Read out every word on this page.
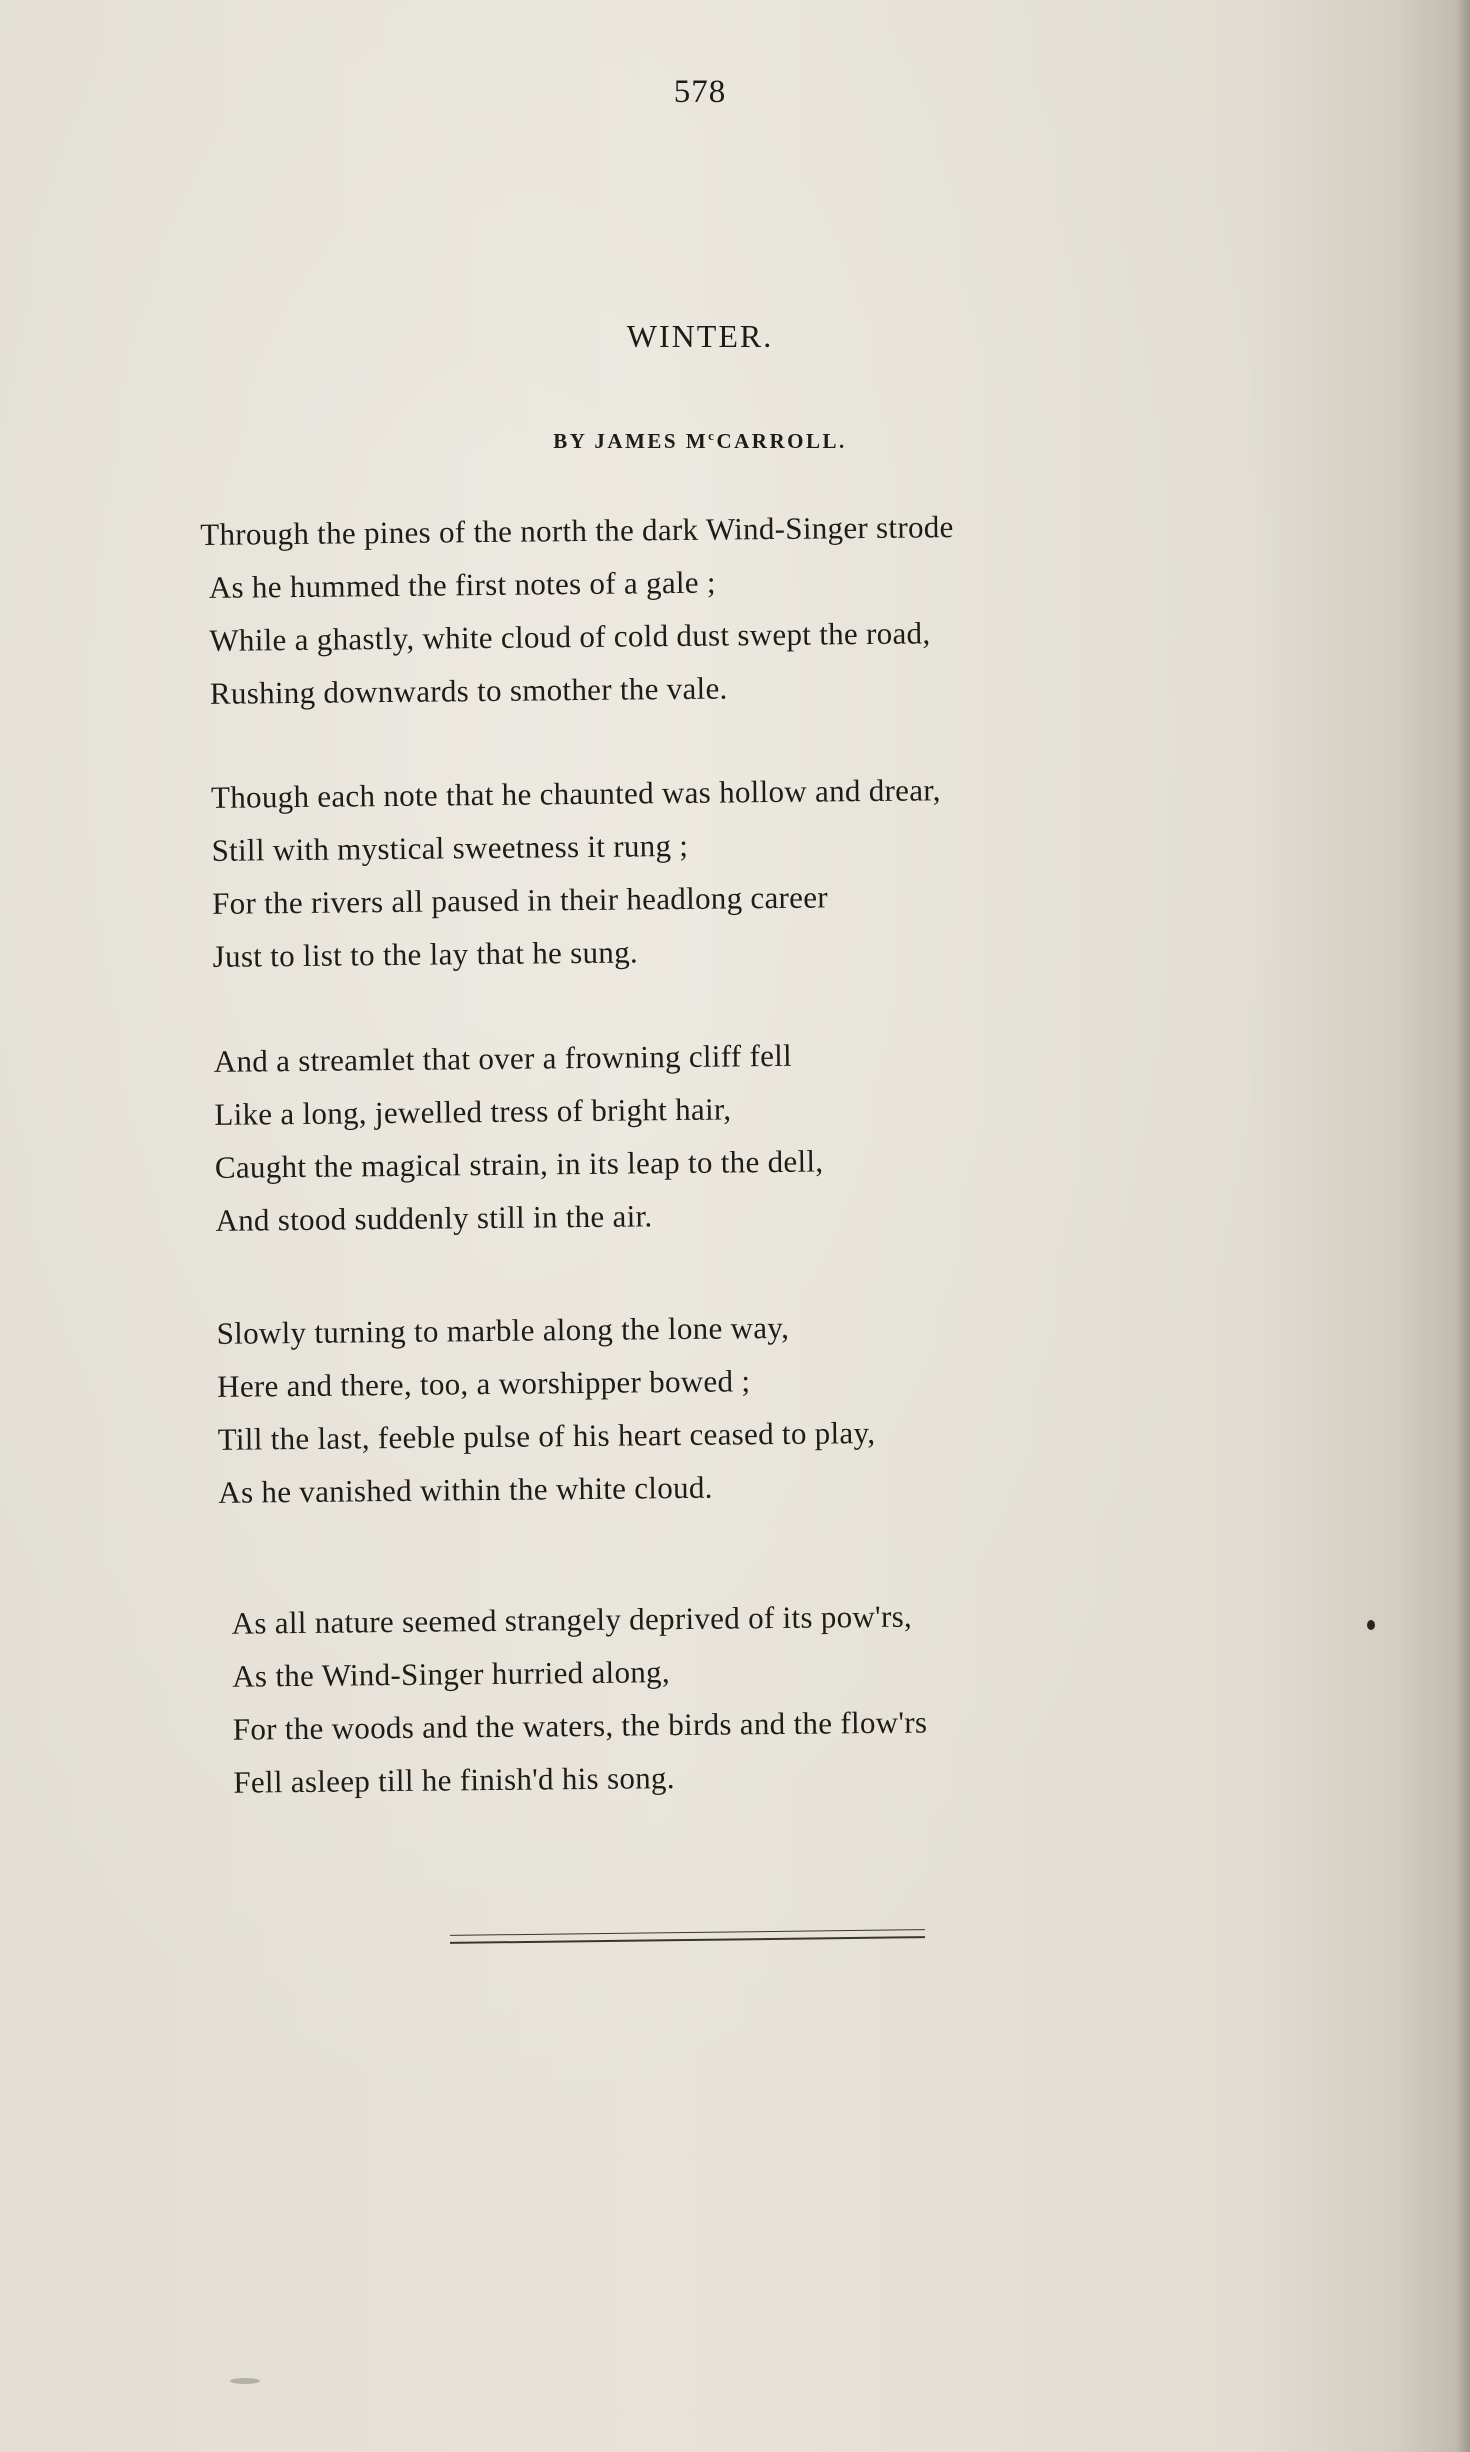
578
WINTER.
BY JAMES $M^cCARROLL$.
Through the pines of the north the dark Wind-Singer strode
As he hummed the first notes of a gale ;
While a ghastly, white cloud of cold dust swept the road,
Rushing downwards to smother the vale.
Though each note that he chaunted was hollow and drear,
Still with mystical sweetness it rung ;
For the rivers all paused in their headlong career
Just to list to the lay that he sung.
And a streamlet that over a frowning cliff fell
Like a long, jewelled tress of bright hair,
Caught the magical strain, in its leap to the dell,
And stood suddenly still in the air.
Slowly turning to marble along the lone way,
Here and there, too, a worshipper bowed ;
Till the last, feeble pulse of his heart ceased to play,
As he vanished within the white cloud.
As all nature seemed strangely deprived of its pow'rs,
As the Wind-Singer hurried along,
For the woods and the waters, the birds and the flow'rs
Fell asleep till he finish'd his song.
